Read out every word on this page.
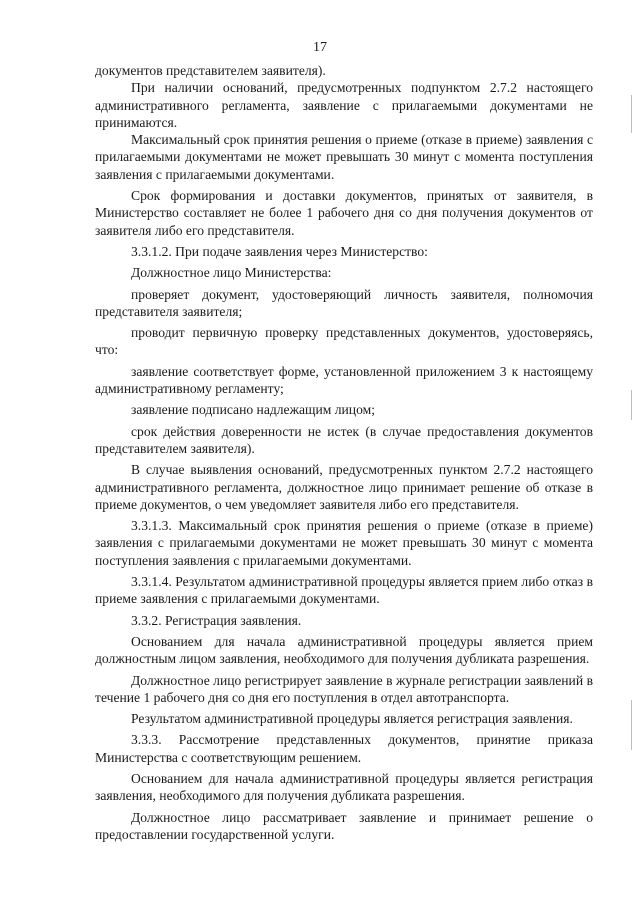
17

документов представителем заявителя).

При наличии оснований, предусмотренных подпунктом 2.7.2 настоящего административного регламента, заявление с прилагаемыми документами не принимаются.

Максимальный срок принятия решения о приеме (отказе в приеме) заявления с прилагаемыми документами не может превышать 30 минут с момента поступления заявления с прилагаемыми документами.

Срок формирования и доставки документов, принятых от заявителя, в Министерство составляет не более 1 рабочего дня со дня получения документов от заявителя либо его представителя.

3.3.1.2. При подаче заявления через Министерство:

Должностное лицо Министерства:

проверяет документ, удостоверяющий личность заявителя, полномочия представителя заявителя;

проводит первичную проверку представленных документов, удостоверяясь, что:

заявление соответствует форме, установленной приложением 3 к настоящему административному регламенту;

заявление подписано надлежащим лицом;

срок действия доверенности не истек (в случае предоставления документов представителем заявителя).

В случае выявления оснований, предусмотренных пунктом 2.7.2 настоящего административного регламента, должностное лицо принимает решение об отказе в приеме документов, о чем уведомляет заявителя либо его представителя.

3.3.1.3. Максимальный срок принятия решения о приеме (отказе в приеме) заявления с прилагаемыми документами не может превышать 30 минут с момента поступления заявления с прилагаемыми документами.

3.3.1.4. Результатом административной процедуры является прием либо отказ в приеме заявления с прилагаемыми документами.

3.3.2. Регистрация заявления.

Основанием для начала административной процедуры является прием должностным лицом заявления, необходимого для получения дубликата разрешения.

Должностное лицо регистрирует заявление в журнале регистрации заявлений в течение 1 рабочего дня со дня его поступления в отдел автотранспорта.

Результатом административной процедуры является регистрация заявления.

3.3.3. Рассмотрение представленных документов, принятие приказа Министерства с соответствующим решением.

Основанием для начала административной процедуры является регистрация заявления, необходимого для получения дубликата разрешения.

Должностное лицо рассматривает заявление и принимает решение о предоставлении государственной услуги.
